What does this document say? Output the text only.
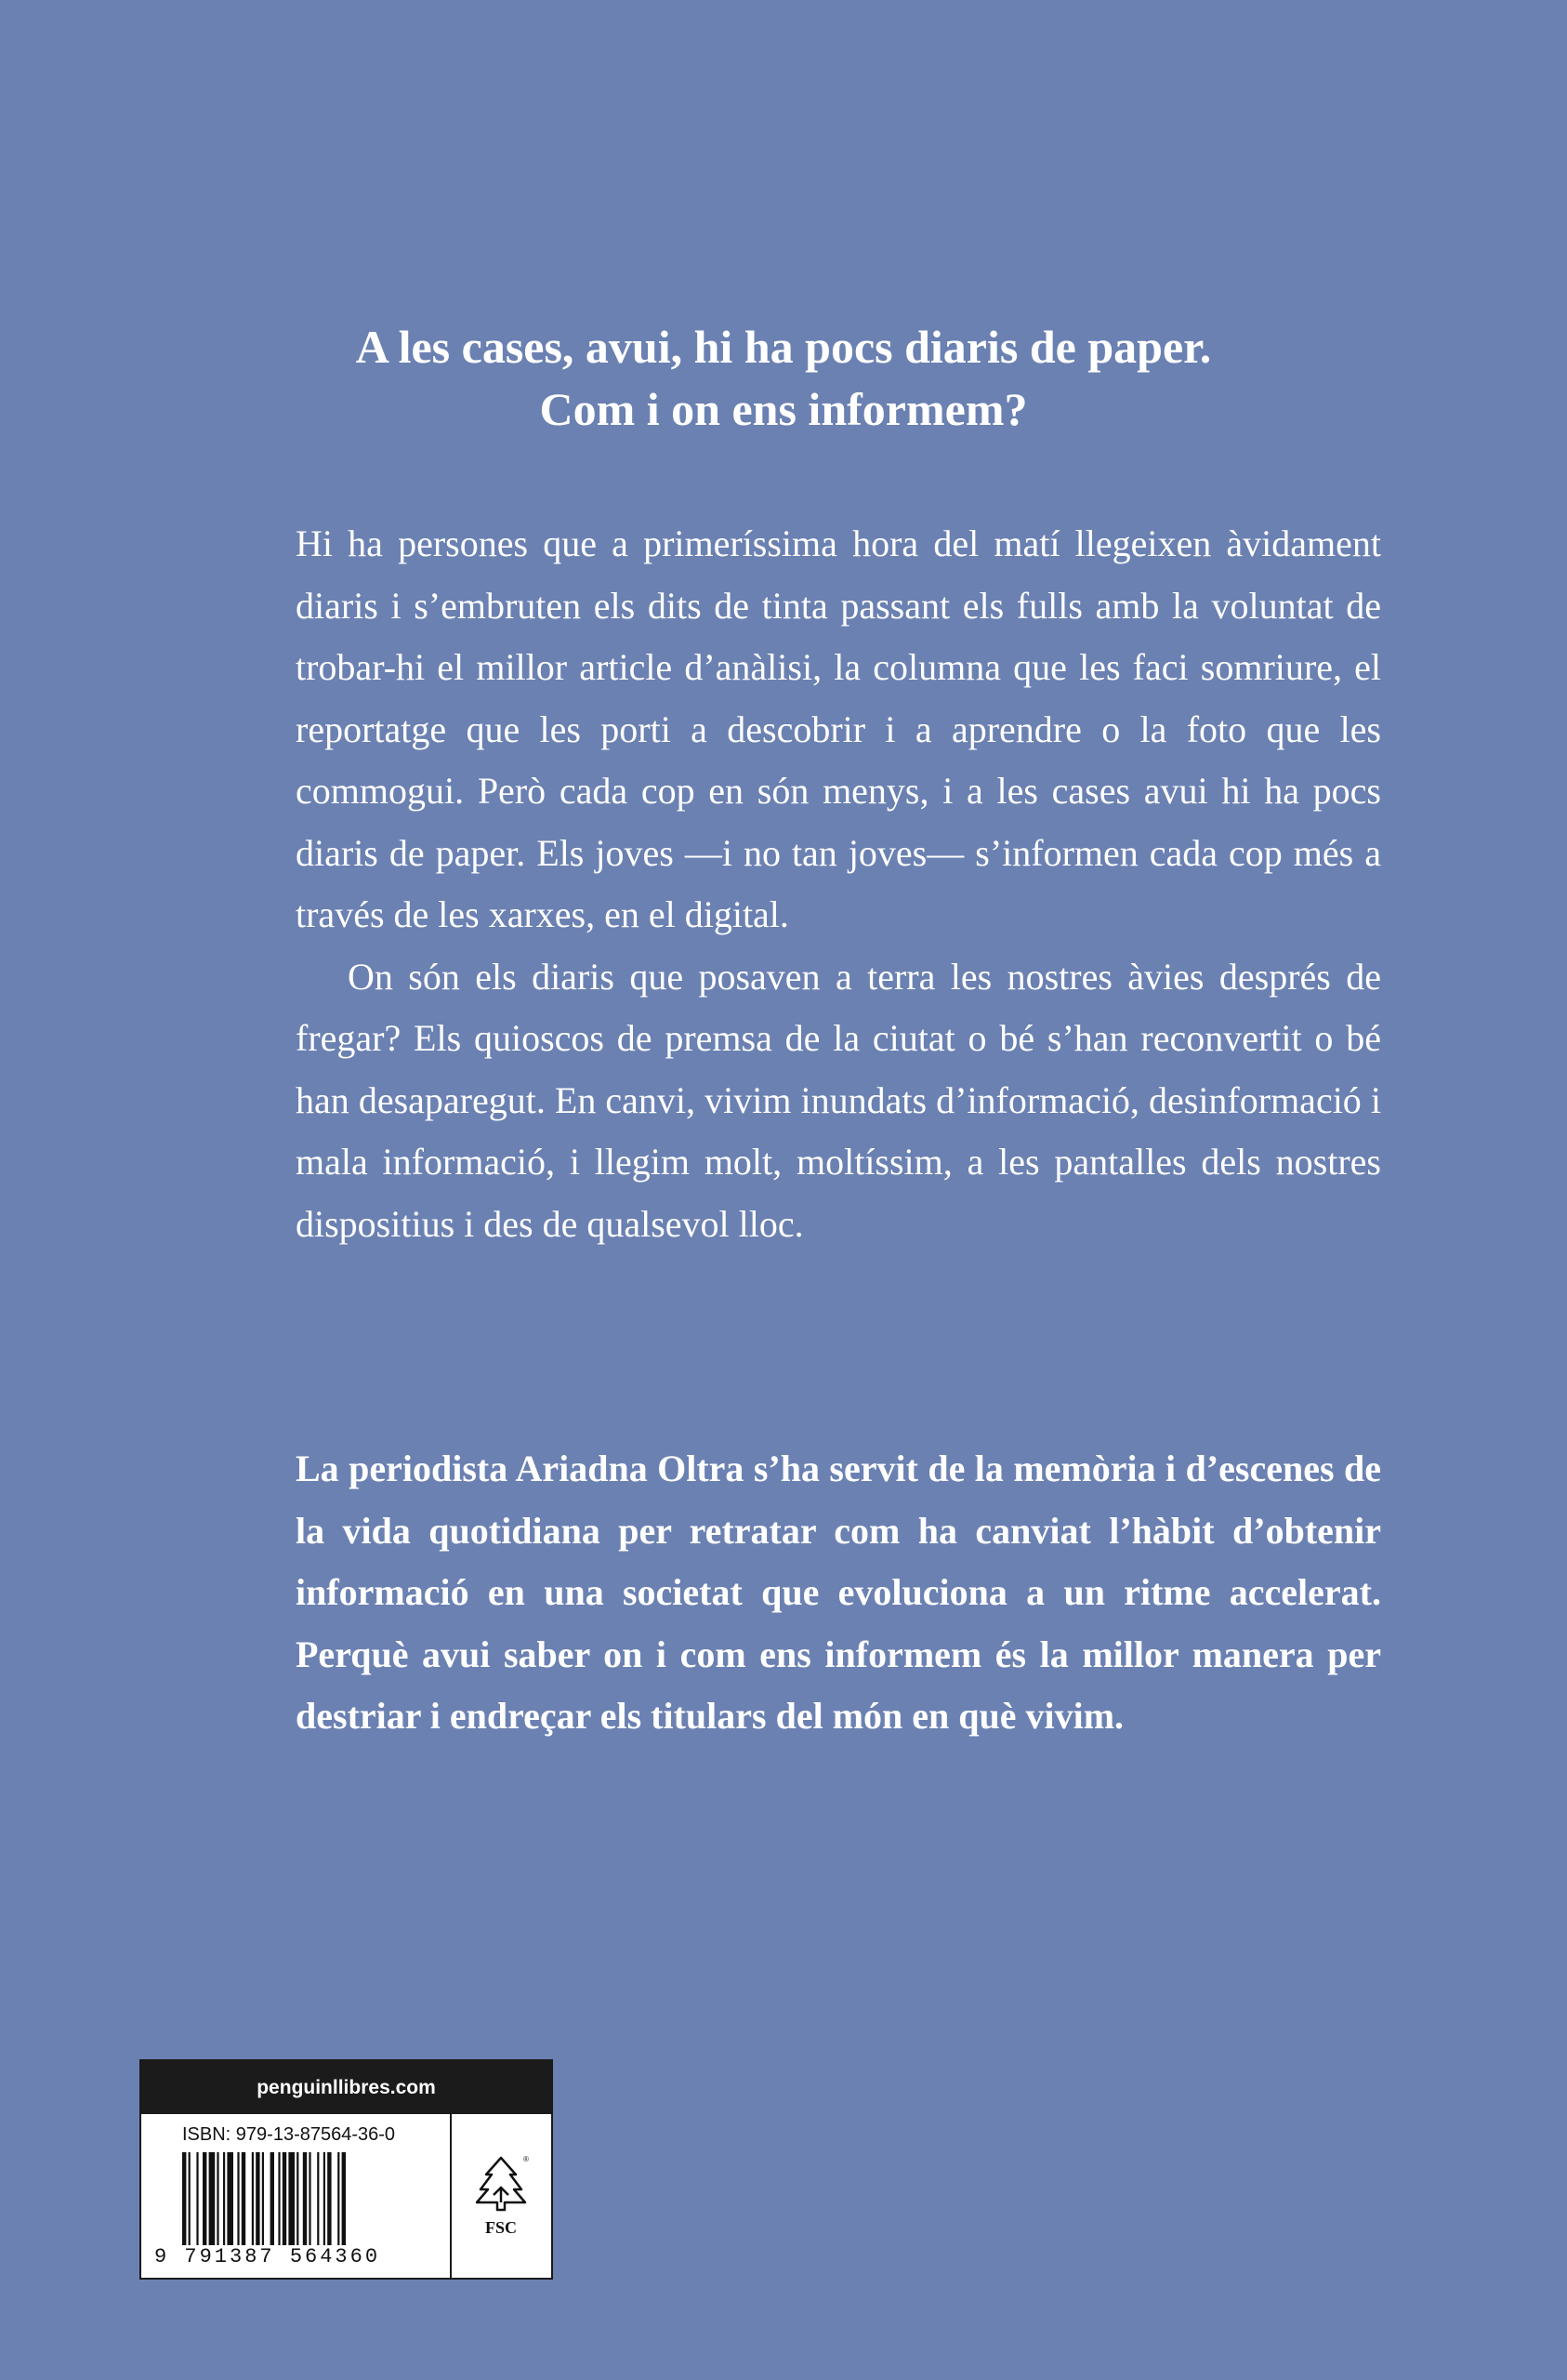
A les cases, avui, hi ha pocs diaris de paper.
Com i on ens informem?

Hi ha persones que a primeríssima hora del matí llegeixen àvidament diaris i s’embruten els dits de tinta passant els fulls amb la voluntat de trobar-hi el millor article d’anàlisi, la columna que les faci somriure, el reportatge que les porti a descobrir i a aprendre o la foto que les commogui. Però cada cop en són menys, i a les cases avui hi ha pocs diaris de paper. Els joves —i no tan joves— s’informen cada cop més a través de les xarxes, en el digital.

On són els diaris que posaven a terra les nostres àvies després de fregar? Els quioscos de premsa de la ciutat o bé s’han reconvertit o bé han desaparegut. En canvi, vivim inundats d’informació, desinformació i mala informació, i llegim molt, moltíssim, a les pantalles dels nostres dispositius i des de qualsevol lloc.

La periodista Ariadna Oltra s’ha servit de la memòria i d’escenes de la vida quotidiana per retratar com ha canviat l’hàbit d’obtenir informació en una societat que evoluciona a un ritme accelerat. Perquè avui saber on i com ens informem és la millor manera per destriar i endreçar els titulars del món en què vivim.

penguinllibres.com
ISBN: 979-13-87564-36-0
9 791387 564360
®
FSC
